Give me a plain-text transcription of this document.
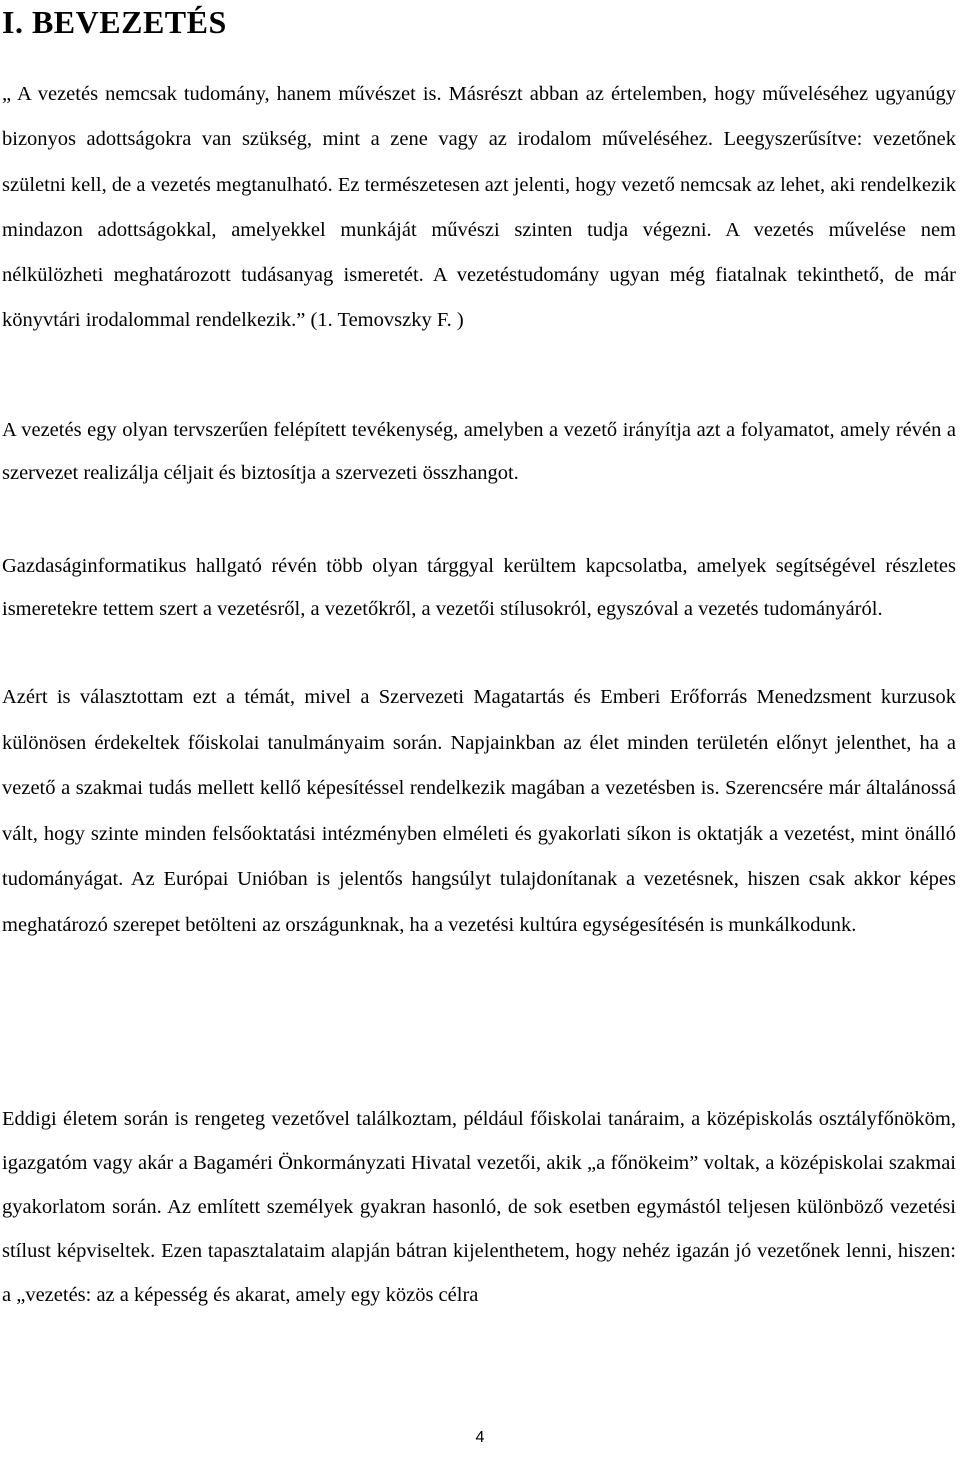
I. BEVEZETÉS

„ A vezetés nemcsak tudomány, hanem művészet is. Másrészt abban az értelemben, hogy műveléséhez ugyanúgy bizonyos adottságokra van szükség, mint a zene vagy az irodalom műveléséhez. Leegyszerűsítve: vezetőnek születni kell, de a vezetés megtanulható. Ez természetesen azt jelenti, hogy vezető nemcsak az lehet, aki rendelkezik mindazon adottságokkal, amelyekkel munkáját művészi szinten tudja végezni. A vezetés művelése nem nélkülözheti meghatározott tudásanyag ismeretét. A vezetéstudomány ugyan még fiatalnak tekinthető, de már könyvtári irodalommal rendelkezik.” (1. Temovszky F. )

A vezetés egy olyan tervszerűen felépített tevékenység, amelyben a vezető irányítja azt a folyamatot, amely révén a szervezet realizálja céljait és biztosítja a szervezeti összhangot.

Gazdaságinformatikus hallgató révén több olyan tárggyal kerültem kapcsolatba, amelyek segítségével részletes ismeretekre tettem szert a vezetésről, a vezetőkről, a vezetői stílusokról, egyszóval a vezetés tudományáról.

Azért is választottam ezt a témát, mivel a Szervezeti Magatartás és Emberi Erőforrás Menedzsment kurzusok különösen érdekeltek főiskolai tanulmányaim során. Napjainkban az élet minden területén előnyt jelenthet, ha a vezető a szakmai tudás mellett kellő képesítéssel rendelkezik magában a vezetésben is. Szerencsére már általánossá vált, hogy szinte minden felsőoktatási intézményben elméleti és gyakorlati síkon is oktatják a vezetést, mint önálló tudományágat. Az Európai Unióban is jelentős hangsúlyt tulajdonítanak a vezetésnek, hiszen csak akkor képes meghatározó szerepet betölteni az országunknak, ha a vezetési kultúra egységesítésén is munkálkodunk.

Eddigi életem során is rengeteg vezetővel találkoztam, például főiskolai tanáraim, a középiskolás osztályfőnököm, igazgatóm vagy akár a Bagaméri Önkormányzati Hivatal vezetői, akik „a főnökeim” voltak, a középiskolai szakmai gyakorlatom során. Az említett személyek gyakran hasonló, de sok esetben egymástól teljesen különböző vezetési stílust képviseltek. Ezen tapasztalataim alapján bátran kijelenthetem, hogy nehéz igazán jó vezetőnek lenni, hiszen: a „vezetés: az a képesség és akarat, amely egy közös célra

4
